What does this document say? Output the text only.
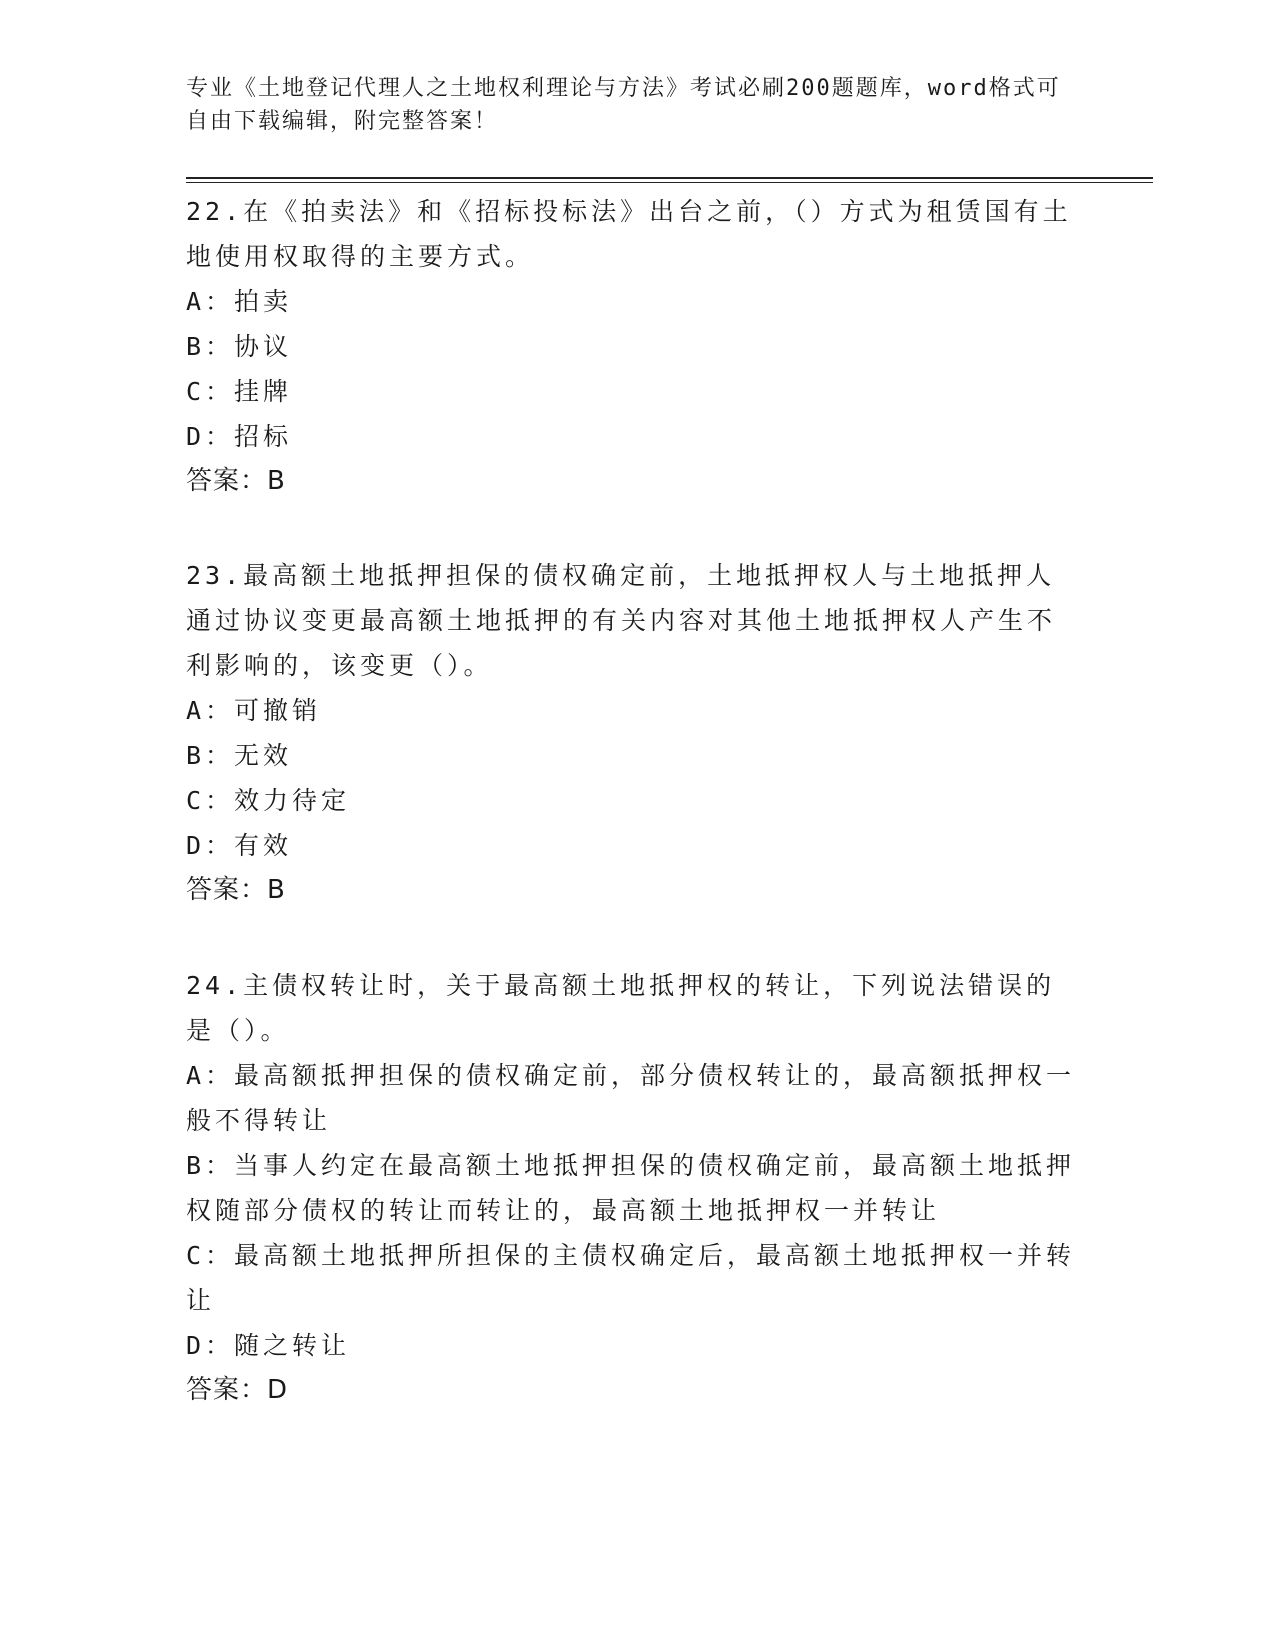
专业《土地登记代理人之土地权利理论与方法》考试必刷200题题库，word格式可自由下载编辑，附完整答案！

22.在《拍卖法》和《招标投标法》出台之前，（）方式为租赁国有土地使用权取得的主要方式。

A：拍卖

B：协议

C：挂牌

D：招标

答案：B

23.最高额土地抵押担保的债权确定前，土地抵押权人与土地抵押人通过协议变更最高额土地抵押的有关内容对其他土地抵押权人产生不利影响的，该变更（）。

A：可撤销

B：无效

C：效力待定

D：有效

答案：B

24.主债权转让时，关于最高额土地抵押权的转让，下列说法错误的是（）。

A：最高额抵押担保的债权确定前，部分债权转让的，最高额抵押权一般不得转让

B：当事人约定在最高额土地抵押担保的债权确定前，最高额土地抵押权随部分债权的转让而转让的，最高额土地抵押权一并转让

C：最高额土地抵押所担保的主债权确定后，最高额土地抵押权一并转让

D：随之转让

答案：D
